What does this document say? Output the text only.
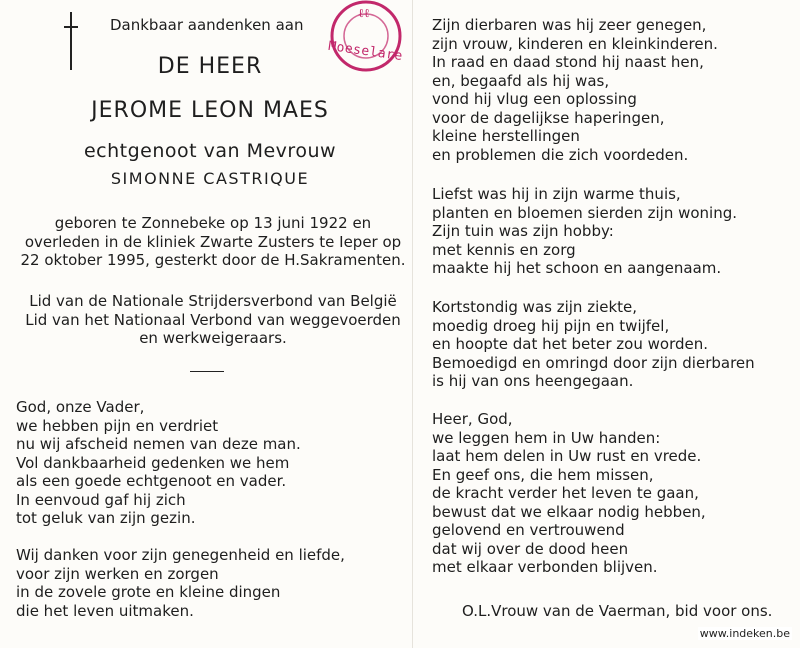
ℓℓ
Moeselare
Dankbaar aandenken aan
DE HEER
JEROME LEON MAES
echtgenoot van Mevrouw
SIMONNE CASTRIQUE
geboren te Zonnebeke op 13 juni 1922 en
overleden in de kliniek Zwarte Zusters te Ieper op
22 oktober 1995, gesterkt door de H.Sakramenten.
Lid van de Nationale Strijdersverbond van België
Lid van het Nationaal Verbond van weggevoerden
en werkweigeraars.
God, onze Vader,
we hebben pijn en verdriet
nu wij afscheid nemen van deze man.
Vol dankbaarheid gedenken we hem
als een goede echtgenoot en vader.
In eenvoud gaf hij zich
tot geluk van zijn gezin.
Wij danken voor zijn genegenheid en liefde,
voor zijn werken en zorgen
in de zovele grote en kleine dingen
die het leven uitmaken.
Zijn dierbaren was hij zeer genegen,
zijn vrouw, kinderen en kleinkinderen.
In raad en daad stond hij naast hen,
en, begaafd als hij was,
vond hij vlug een oplossing
voor de dagelijkse haperingen,
kleine herstellingen
en problemen die zich voordeden.
Liefst was hij in zijn warme thuis,
planten en bloemen sierden zijn woning.
Zijn tuin was zijn hobby:
met kennis en zorg
maakte hij het schoon en aangenaam.
Kortstondig was zijn ziekte,
moedig droeg hij pijn en twijfel,
en hoopte dat het beter zou worden.
Bemoedigd en omringd door zijn dierbaren
is hij van ons heengegaan.
Heer, God,
we leggen hem in Uw handen:
laat hem delen in Uw rust en vrede.
En geef ons, die hem missen,
de kracht verder het leven te gaan,
bewust dat we elkaar nodig hebben,
gelovend en vertrouwend
dat wij over de dood heen
met elkaar verbonden blijven.
O.L.Vrouw van de Vaerman, bid voor ons.
www.indeken.be
